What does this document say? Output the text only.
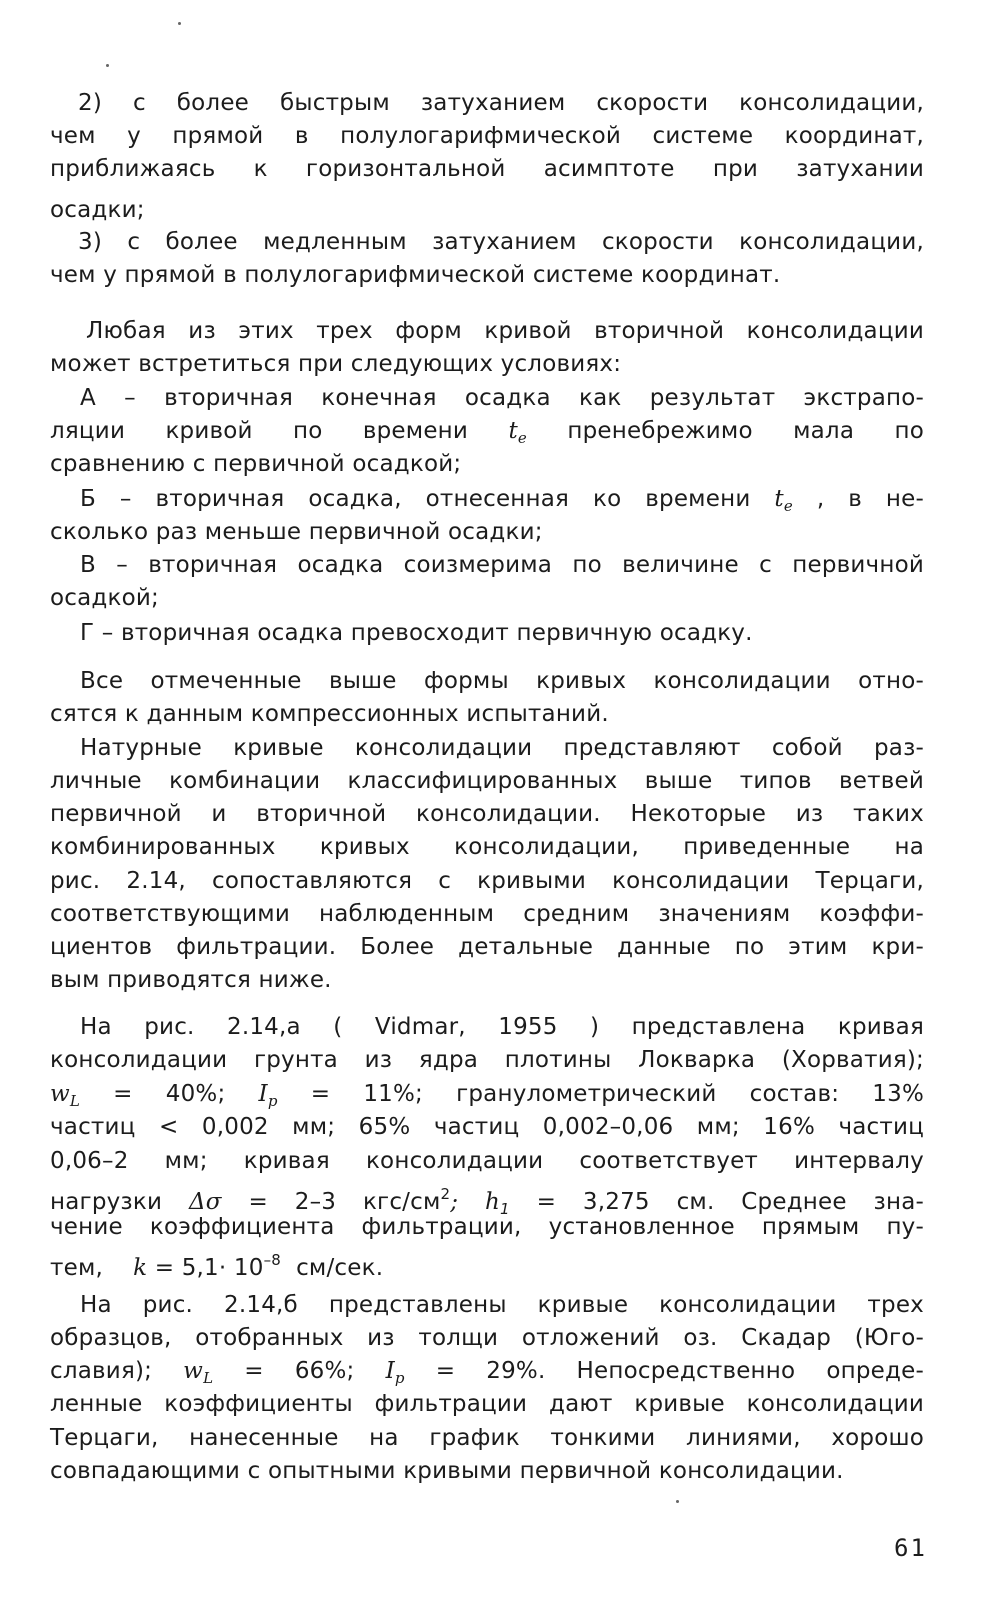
2) с более быстрым затуханием скорости консолидации,
чем у прямой в полулогарифмической системе координат,
приближаясь к горизонтальной асимптоте при затухании
осадки;
3) с более медленным затуханием скорости консолидации,
чем у прямой в полулогарифмической системе координат.
Любая из этих трех форм кривой вторичной консолидации
может встретиться при следующих условиях:
А – вторичная конечная осадка как результат экстрапо-
ляции кривой по времени $t_e$ пренебрежимо мала по
сравнению с первичной осадкой;
Б – вторичная осадка, отнесенная ко времени $t_e$ , в не-
сколько раз меньше первичной осадки;
В – вторичная осадка соизмерима по величине с первичной
осадкой;
Г – вторичная осадка превосходит первичную осадку.
Все отмеченные выше формы кривых консолидации отно-
сятся к данным компрессионных испытаний.
Натурные кривые консолидации представляют собой раз-
личные комбинации классифицированных выше типов ветвей
первичной и вторичной консолидации. Некоторые из таких
комбинированных кривых консолидации, приведенные на
рис. 2.14, сопоставляются с кривыми консолидации Терцаги,
соответствующими наблюденным средним значениям коэффи-
циентов фильтрации. Более детальные данные по этим кри-
вым приводятся ниже.
На рис. 2.14,а ( Vidmar, 1955 ) представлена кривая
консолидации грунта из ядра плотины Локварка (Хорватия);
$w_L = 40\%$; $I_p = 11\%$; гранулометрический состав: 13%
частиц < 0,002 мм; 65% частиц 0,002–0,06 мм; 16% частиц
0,06–2 мм; кривая консолидации соответствует интервалу
нагрузки Δσ = 2–3 кгс/$см^2$; $h_1 = 3,275$ см. Среднее зна-
чение коэффициента фильтрации, установленное прямым пу-
тем, $k = 5,1\cdot 10^{-8}$ см/сек.
На рис. 2.14,б представлены кривые консолидации трех
образцов, отобранных из толщи отложений оз. Скадар (Юго-
славия); $w_L = 66\%$; $I_p = 29\%$. Непосредственно опреде-
ленные коэффициенты фильтрации дают кривые консолидации
Терцаги, нанесенные на график тонкими линиями, хорошо
совпадающими с опытными кривыми первичной консолидации.
61
